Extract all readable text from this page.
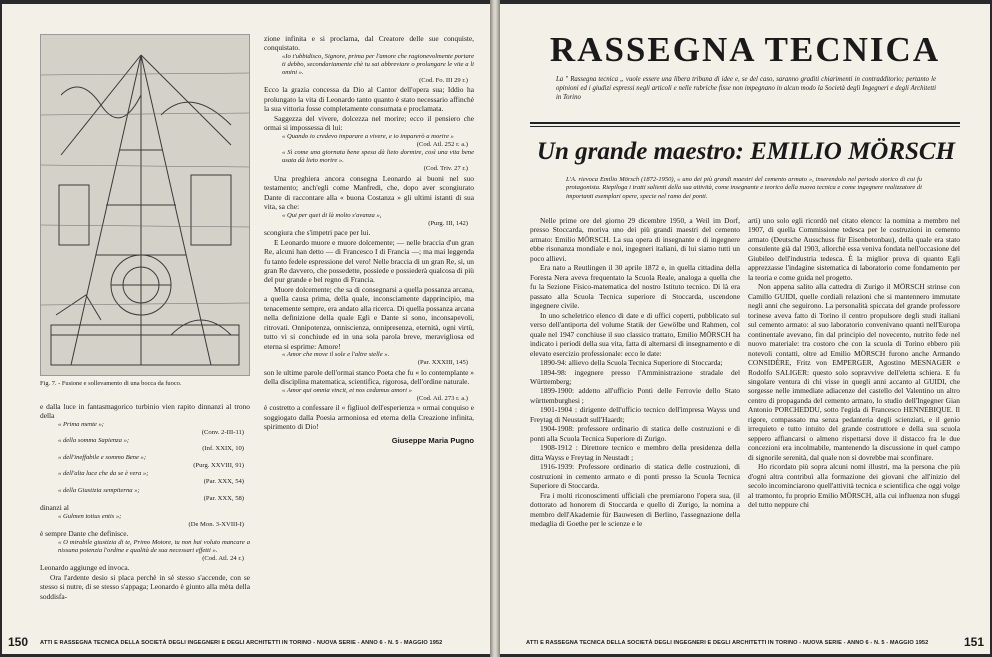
Fig. 7. - Fusione e sollevamento di una bocca da fuoco.

e dalla luce in fantasmagorico turbinio vien rapito dinnanzi al trono della

« Prima mente »;

(Conv. 2-III-11)

« della somma Sapienza »;

(Inf. XXIX, 10)

« dell'ineffabile e sommo Bene »;

(Purg. XXVIII, 91)

« dell'alta luce che da se è vera »;

(Par. XXX, 54)

« della Giustizia sempiterna »;

(Par. XXX, 58)

dinanzi al

« Gulmen totius entis »;

(De Mon. 3-XVIII-I)

è sempre Dante che definisce.

« O mirabile giustizia di te, Primo Motore, tu non hai voluto mancare a nissuna potenzia l'ordine e qualità de sua necessari effetti ».

(Cod. Atl. 24 r.)

Leonardo aggiunge ed invoca.

Ora l'ardente desio si placa perchè in sè stesso s'accende, con se stesso si nutre, di se stesso s'appaga; Leonardo è giunto alla mèta della soddisfa-

zione infinita e si proclama, dal Creatore delle sue conquiste, conquistato.

«Io t'ubbidisco, Signore, prima per l'amore che ragionevolmente portare ti debbo, secondariamente chè tu sai abbreviare o prolungare le vite a li omini ».

(Cod. Fo. III 29 r.)

Ecco la grazia concessa da Dio al Cantor dell'opera sua; Iddio ha prolungato la vita di Leonardo tanto quanto è stato necessario affinchè la sua vittoria fosse completamente consumata e proclamata.

Saggezza del vivere, dolcezza nel morire; ecco il pensiero che ormai si impossessa di lui:

« Quando io credevo imparare a vivere, e io imparerò a morire »

(Cod. Atl. 252 r. a.)

« Sì come una giornata bene spesa dà lieto dormire, così una vita bene usata dà lieto morire ».

(Cod. Triv. 27 r.)

Una preghiera ancora consegna Leonardo ai buoni nel suo testamento; anch'egli come Manfredi, che, dopo aver scongiurato Dante di raccontare alla « buona Costanza » gli ultimi istanti di sua vita, sa che:

« Qui per quei di là molto s'avanza »,

(Purg. III, 142)

scongiura che s'impetri pace per lui.

E Leonardo muore e muore dolcemente; — nelle braccia d'un gran Re, alcuni han detto — di Francesco I di Francia —; ma mai leggenda fu tanto fedele espressione del vero! Nelle braccia di un gran Re, sì, un gran Re davvero, che possedette, possiede e possiederà qualcosa di più del pur grande e bel regno di Francia.

Muore dolcemente; che sa di consegnarsi a quella possanza arcana, a quella causa prima, della quale, inconsciamente dapprincipio, ma tenacemente sempre, era andato alla ricerca. Di quella possanza arcana nella definizione della quale Egli e Dante si sono, inconsapevoli, ritrovati. Onnipotenza, onniscienza, onnipresenza, eternità, ogni virtù, tutto vi si conchiude ed in una sola parola breve, meravigliosa ed eterna si esprime: Amore!

« Amor che move il sole e l'altre stelle ».

(Par. XXXIII, 145)

son le ultime parole dell'ormai stanco Poeta che fu « lo contemplante » della disciplina matematica, scientifica, rigorosa, dell'ordine naturale.

« Amor qui omnia vincit, et nos cedamus amori »

(Cod. Atl. 273 r. a.)

è costretto a confessare il « figliuol dell'esperienza » ormai conquiso e soggiogato dalla Poesia armoniosa ed eterna della Creazione infinita, spirimento di Dio!

Giuseppe Maria Pugno

150 ATTI E RASSEGNA TECNICA DELLA SOCIETÀ DEGLI INGEGNERI E DEGLI ARCHITETTI IN TORINO - NUOVA SERIE - ANNO 6 - N. 5 - MAGGIO 1952
RASSEGNA TECNICA
La " Rassegna tecnica „ vuole essere una libera tribuna di idee e, se del caso, saranno graditi chiarimenti in contradditorio; pertanto le opinioni ed i giudizi espressi negli articoli e nelle rubriche fisse non impegnano in alcun modo la Società degli Ingegneri e degli Architetti in Torino
Un grande maestro: EMILIO MÖRSCH
L'A. rievoca Emilio Mörsch (1872-1950), « uno dei più grandi maestri del cemento armato », inserendolo nel periodo storico di cui fu protagonista. Riepiloga i tratti salienti della sua attività, come insegnante e teorico della nuova tecnica e come ingegnere realizzatore di importanti esemplari opere, specie nel ramo dei ponti.

Nelle prime ore del giorno 29 dicembre 1950, a Weil im Dorf, presso Stoccarda, moriva uno dei più grandi maestri del cemento armato: Emilio MÖRSCH. La sua opera di insegnante e di ingegnere ebbe risonanza mondiale e noi, ingegneri italiani, di lui siamo tutti un poco allievi.

Era nato a Reutlingen il 30 aprile 1872 e, in quella cittadina della Foresta Nera aveva frequentato la Scuola Reale, analoga a quella che fu la Sezione Fisico-matematica del nostro Istituto tecnico. Di là era passato alla Scuola Tecnica superiore di Stoccarda, uscendone ingegnere civile.

In uno scheletrico elenco di date e di uffici coperti, pubblicato sul verso dell'antiporta del volume Statik der Gewölbe und Rahmen, col quale nel 1947 conchiuse il suo classico trattato, Emilio MÖRSCH ha indicato i periodi della sua vita, fatta di alternarsi di insegnamento e di elevato esercizio professionale: ecco le date:

1890-94: allievo della Scuola Tecnica Superiore di Stoccarda;

1894-98: ingegnere presso l'Amministrazione stradale del Württemberg;

1899-1900: addetto all'ufficio Ponti delle Ferrovie dello Stato württemburghesi ;

1901-1904 : dirigente dell'ufficio tecnico dell'impresa Wayss und Freytag di Neustadt sull'Haardt;

1904-1908: professore ordinario di statica delle costruzioni e di ponti alla Scuola Tecnica Superiore di Zurigo.

1908-1912 : Direttore tecnico e membro della presidenza della ditta Wayss e Freytag in Neustadt ;

1916-1939: Professore ordinario di statica delle costruzioni, di costruzioni in cemento armato e di ponti presso la Scuola Tecnica Superiore di Stoccarda.

Fra i molti riconoscimenti ufficiali che premiarono l'opera sua, (il dottorato ad honorem di Stoccarda e quello di Zurigo, la nomina a membro dell'Akademie für Bauwesen di Berlino, l'assegnazione della medaglia di Goethe per le scienze e le

arti) uno solo egli ricordò nel citato elenco: la nomina a membro nel 1907, di quella Commissione tedesca per le costruzioni in cemento armato (Deutsche Ausschuss für Eisenbetonbau), della quale era stato consulente già dal 1903, allorchè essa veniva fondata nell'occasione del Giubileo dell'industria tedesca. È la miglior prova di quanto Egli apprezzasse l'indagine sistematica di laboratorio come fondamento per la teoria e come guida nel progetto.

Non appena salito alla cattedra di Zurigo il MÖRSCH strinse con Camillo GUIDI, quelle cordiali relazioni che si mantennero immutate negli anni che seguirono. La personalità spiccata del grande professore torinese aveva fatto di Torino il centro propulsore degli studi italiani sul cemento armato: al suo laboratorio convenivano quanti nell'Europa continentale avevano, fin dal principio del novecento, nutrito fede nel nuovo materiale: tra costoro che con la scuola di Torino ebbero più notevoli contatti, oltre ad Emilio MÖRSCH furono anche Armando CONSIDÈRE, Fritz von EMPERGER, Agostino MESNAGER e Rodolfo SALIGER: questo solo sopravvive dell'eletta schiera. E fu singolare ventura di chi visse in quegli anni accanto al GUIDI, che sorgesse nelle immediate adiacenze del castello del Valentino un altro centro di propaganda del cemento armato, lo studio dell'Ingegner Gian Antonio PORCHEDDU, sotto l'egida di Francesco HENNEBIQUE. Il rigore, compassato ma senza pedanteria degli scienziati, e il genio irrequieto e tutto intuito del grande costruttore e della sua scuola seppero affiancarsi o almeno rispettarsi dove il distacco fra le due concezioni era incolmabile, mantenendo la discussione in quel campo di signorile serenità, dal quale non si dovrebbe mai sconfinare.

Ho ricordato più sopra alcuni nomi illustri, ma la persona che più d'ogni altra contribuì alla formazione dei giovani che all'inizio del secolo incominciarono quell'attività tecnica e scientifica che oggi volge al tramonto, fu proprio Emilio MÖRSCH, alla cui influenza non sfuggì del tutto neppure chi

ATTI E RASSEGNA TECNICA DELLA SOCIETÀ DEGLI INGEGNERI E DEGLI ARCHITETTI IN TORINO - NUOVA SERIE - ANNO 6 - N. 5 - MAGGIO 1952	151
